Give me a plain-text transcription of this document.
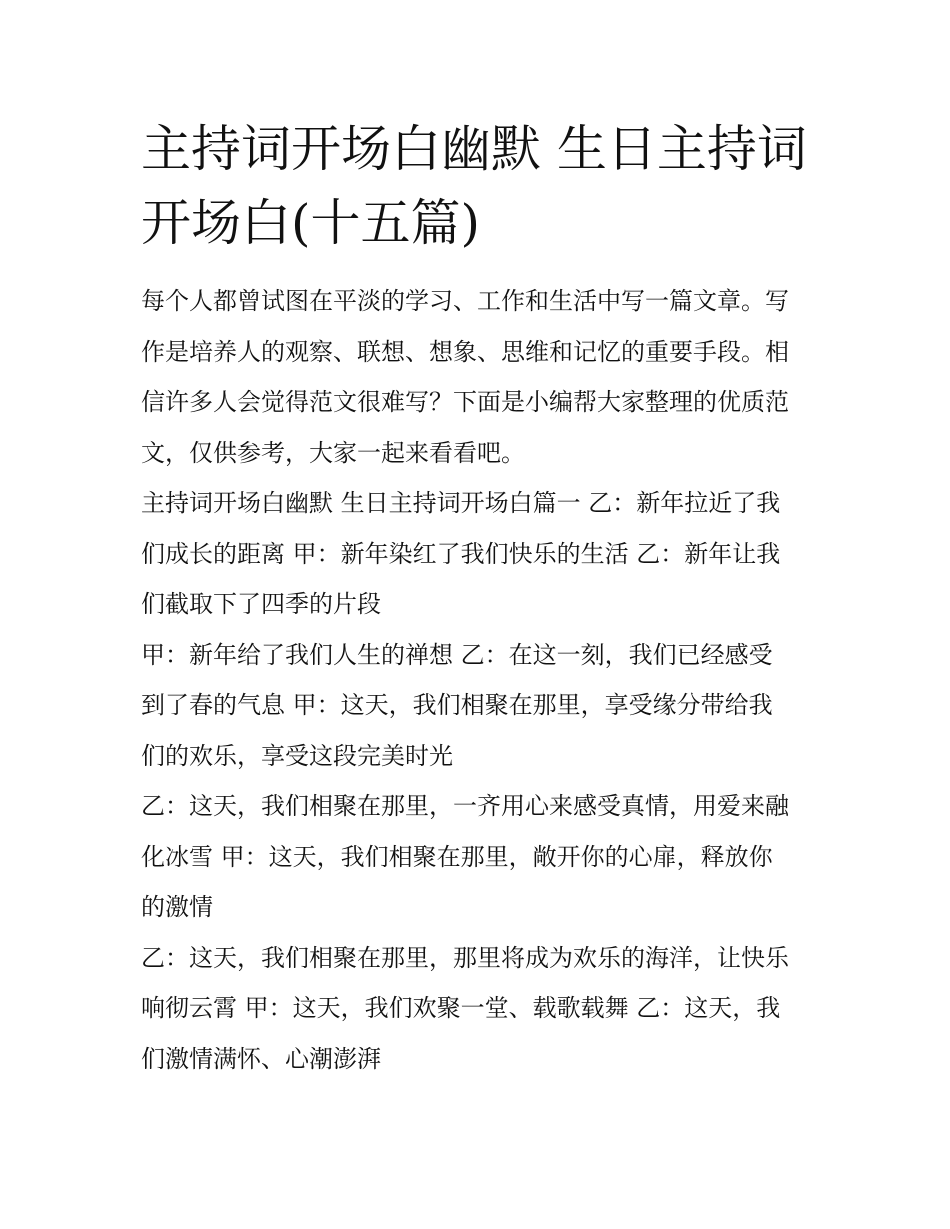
主持词开场白幽默 生日主持词
开场白(十五篇)

每个人都曾试图在平淡的学习、工作和生活中写一篇文章。写
作是培养人的观察、联想、想象、思维和记忆的重要手段。相
信许多人会觉得范文很难写？下面是小编帮大家整理的优质范
文，仅供参考，大家一起来看看吧。

主持词开场白幽默 生日主持词开场白篇一 乙：新年拉近了我
们成长的距离 甲：新年染红了我们快乐的生活 乙：新年让我
们截取下了四季的片段

甲：新年给了我们人生的禅想 乙：在这一刻，我们已经感受
到了春的气息 甲：这天，我们相聚在那里，享受缘分带给我
们的欢乐，享受这段完美时光

乙：这天，我们相聚在那里，一齐用心来感受真情，用爱来融
化冰雪 甲：这天，我们相聚在那里，敞开你的心扉，释放你
的激情

乙：这天，我们相聚在那里，那里将成为欢乐的海洋，让快乐
响彻云霄 甲：这天，我们欢聚一堂、载歌载舞 乙：这天，我
们激情满怀、心潮澎湃
